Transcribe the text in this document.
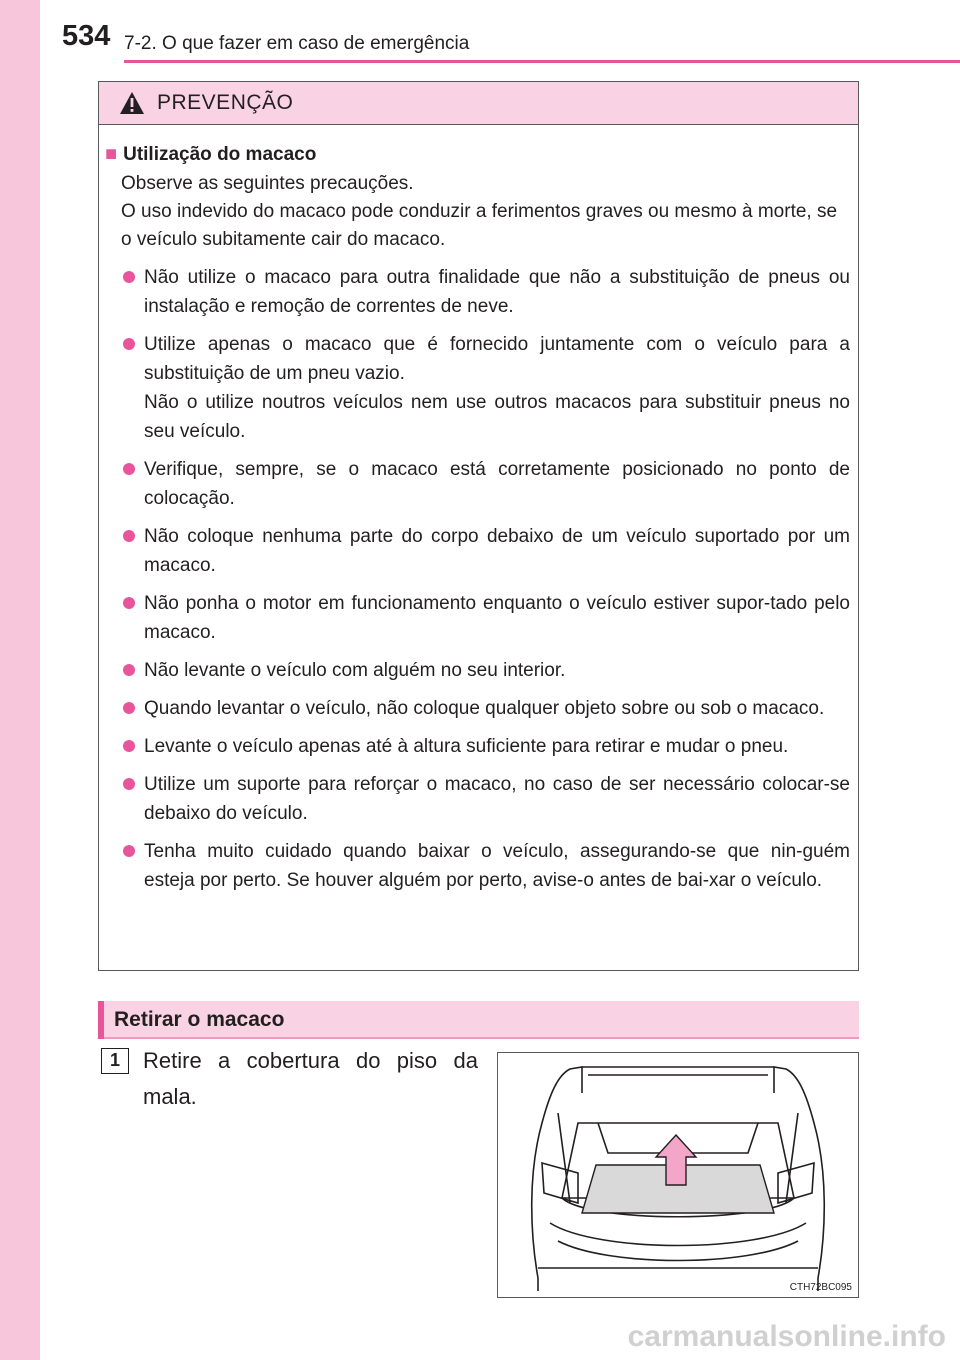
534 7-2. O que fazer em caso de emergência
PREVENÇÃO
■ Utilização do macaco
Observe as seguintes precauções.
O uso indevido do macaco pode conduzir a ferimentos graves ou mesmo à morte, se o veículo subitamente cair do macaco.
Não utilize o macaco para outra finalidade que não a substituição de pneus ou instalação e remoção de correntes de neve.
Utilize apenas o macaco que é fornecido juntamente com o veículo para a substituição de um pneu vazio.
Não o utilize noutros veículos nem use outros macacos para substituir pneus no seu veículo.
Verifique, sempre, se o macaco está corretamente posicionado no ponto de colocação.
Não coloque nenhuma parte do corpo debaixo de um veículo suportado por um macaco.
Não ponha o motor em funcionamento enquanto o veículo estiver supor-tado pelo macaco.
Não levante o veículo com alguém no seu interior.
Quando levantar o veículo, não coloque qualquer objeto sobre ou sob o macaco.
Levante o veículo apenas até à altura suficiente para retirar e mudar o pneu.
Utilize um suporte para reforçar o macaco, no caso de ser necessário colocar-se debaixo do veículo.
Tenha muito cuidado quando baixar o veículo, assegurando-se que nin-guém esteja por perto. Se houver alguém por perto, avise-o antes de bai-xar o veículo.
Retirar o macaco
1	Retire a cobertura do piso da mala.
CTH72BC095
carmanualsonline.info
